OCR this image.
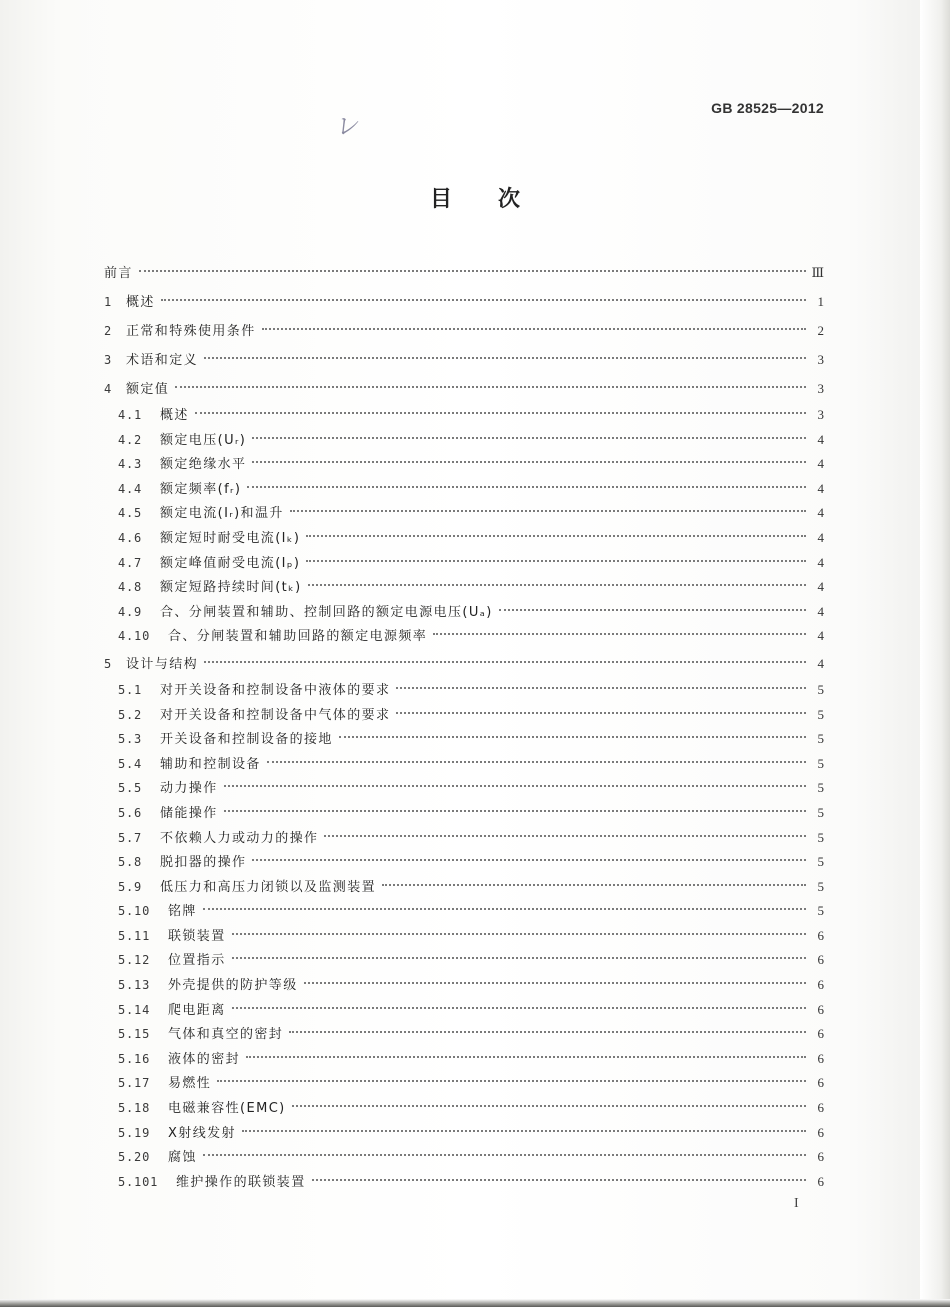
レ
GB 28525—2012
目次
前言	Ⅲ
1	概述	1
2	正常和特殊使用条件	2
3	术语和定义	3
4	额定值	3
4.1	概述	3
4.2	额定电压(Uᵣ)	4
4.3	额定绝缘水平	4
4.4	额定频率(fᵣ)	4
4.5	额定电流(Iᵣ)和温升	4
4.6	额定短时耐受电流(Iₖ)	4
4.7	额定峰值耐受电流(Iₚ)	4
4.8	额定短路持续时间(tₖ)	4
4.9	合、分闸装置和辅助、控制回路的额定电源电压(Uₐ)	4
4.10	合、分闸装置和辅助回路的额定电源频率	4
5	设计与结构	4
5.1	对开关设备和控制设备中液体的要求	5
5.2	对开关设备和控制设备中气体的要求	5
5.3	开关设备和控制设备的接地	5
5.4	辅助和控制设备	5
5.5	动力操作	5
5.6	储能操作	5
5.7	不依赖人力或动力的操作	5
5.8	脱扣器的操作	5
5.9	低压力和高压力闭锁以及监测装置	5
5.10	铭牌	5
5.11	联锁装置	6
5.12	位置指示	6
5.13	外壳提供的防护等级	6
5.14	爬电距离	6
5.15	气体和真空的密封	6
5.16	液体的密封	6
5.17	易燃性	6
5.18	电磁兼容性(EMC)	6
5.19	X射线发射	6
5.20	腐蚀	6
5.101	维护操作的联锁装置	6
I
